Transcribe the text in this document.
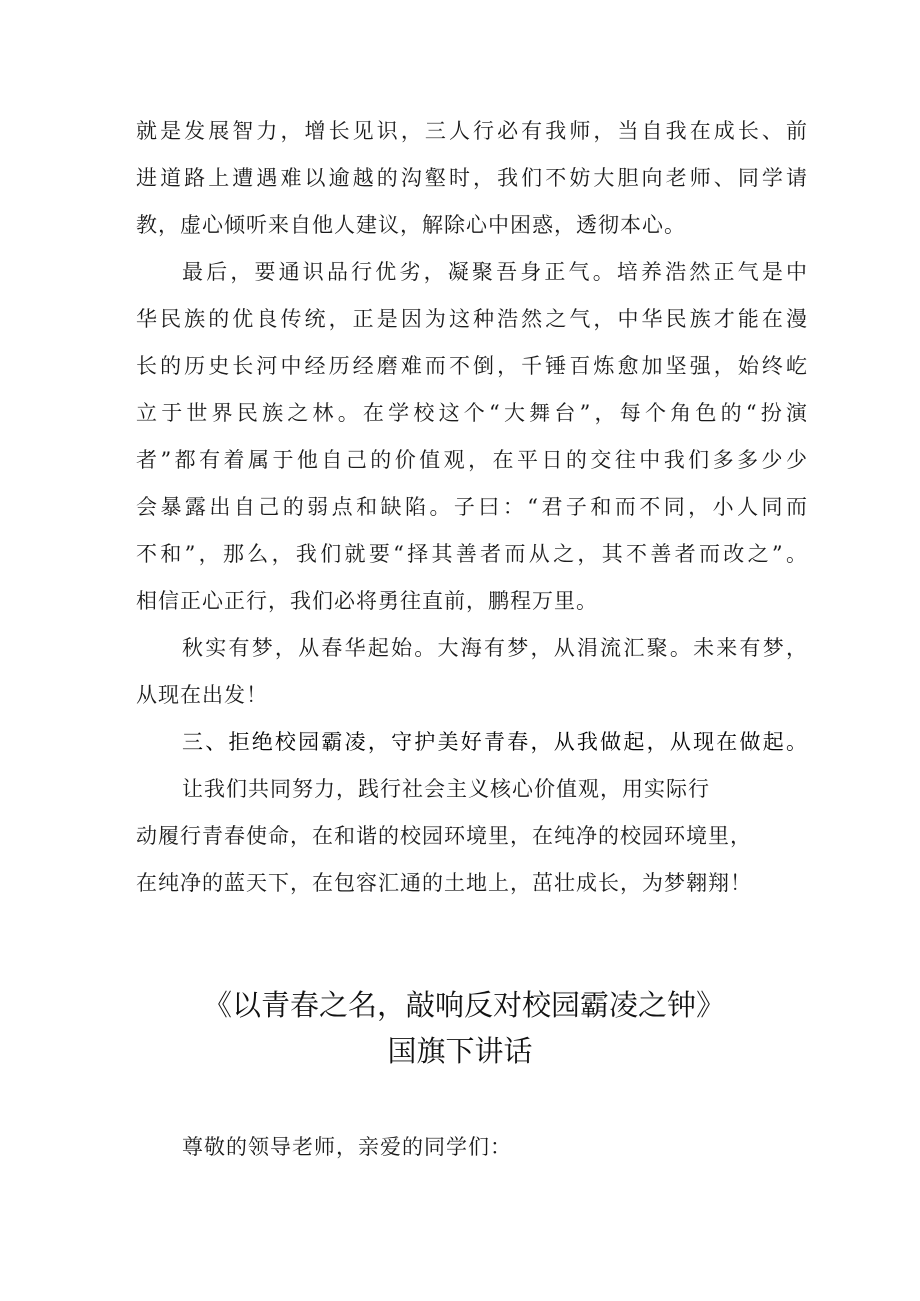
就是发展智力，增长见识，三人行必有我师，当自我在成长、前
进道路上遭遇难以逾越的沟壑时，我们不妨大胆向老师、同学请
教，虚心倾听来自他人建议，解除心中困惑，透彻本心。
最后，要通识品行优劣，凝聚吾身正气。培养浩然正气是中
华民族的优良传统，正是因为这种浩然之气，中华民族才能在漫
长的历史长河中经历经磨难而不倒，千锤百炼愈加坚强，始终屹
立于世界民族之林。在学校这个“大舞台”，每个角色的“扮演
者”都有着属于他自己的价值观，在平日的交往中我们多多少少
会暴露出自己的弱点和缺陷。子曰：“君子和而不同，小人同而
不和”，那么，我们就要“择其善者而从之，其不善者而改之”。
相信正心正行，我们必将勇往直前，鹏程万里。
秋实有梦，从春华起始。大海有梦，从涓流汇聚。未来有梦，
从现在出发！
三、拒绝校园霸凌，守护美好青春，从我做起，从现在做起。
让我们共同努力，践行社会主义核心价值观，用实际行
动履行青春使命，在和谐的校园环境里，在纯净的校园环境里，
在纯净的蓝天下，在包容汇通的土地上，茁壮成长，为梦翱翔！
《以青春之名，敲响反对校园霸凌之钟》
国旗下讲话
尊敬的领导老师，亲爱的同学们：
